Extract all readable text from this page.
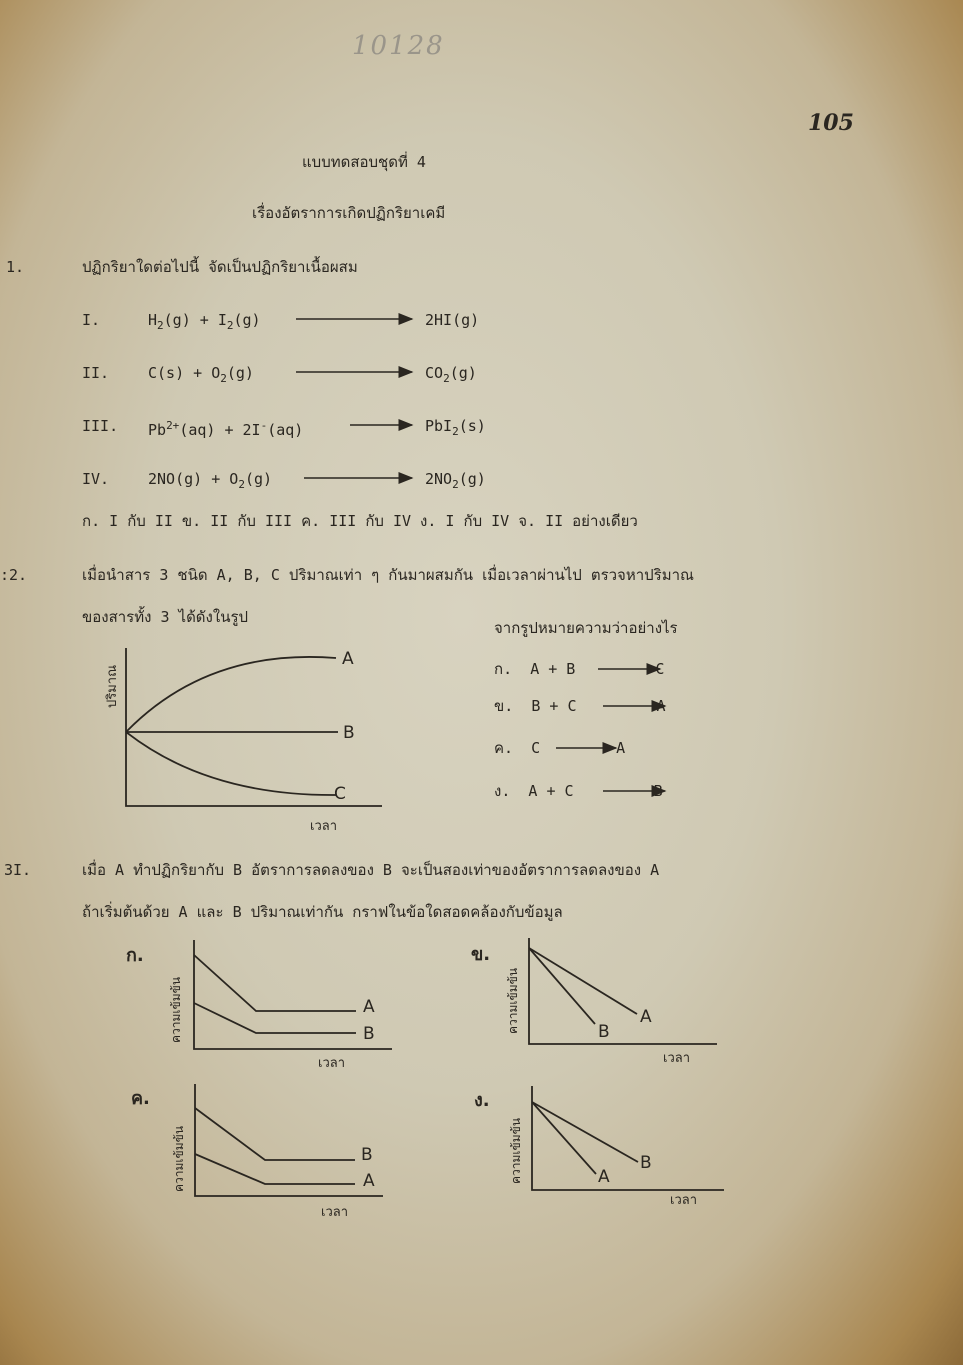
10128
105
แบบทดสอบชุดที่ 4
เรื่องอัตราการเกิดปฏิกริยาเคมี
1.	ปฏิกริยาใดต่อไปนี้ จัดเป็นปฏิกริยาเนื้อผสม
I.	$H_2(g) + I_2(g)$	2HI(g)
II.	$C(s) + O_2(g)$	$CO_2(g)$
III. $Pb^{2+}(aq) + 2I^-(aq)$	PbI$_2$(s)
IV.	$2NO(g) + O_2(g)$	$2NO_2(g)$
ก. I กับ II ข. II กับ III ค. III กับ IV ง. I กับ IV จ. II อย่างเดียว
:2.	เมื่อนำสาร 3 ชนิด A, B, C ปริมาณเท่า ๆ กันมาผสมกัน เมื่อเวลาผ่านไป ตรวจหาปริมาณ
ของสารทั้ง 3 ได้ดังในรูป
จากรูปหมายความว่าอย่างไร
A
B
C
เวลา
ปริมาณ	ก. A + B	C
ข. B + C	A
ค. C	A
ง. A + C	B
3I.	เมื่อ A ทำปฏิกริยากับ B อัตราการลดลงของ B จะเป็นสองเท่าของอัตราการลดลงของ A
ถ้าเริ่มต้นด้วย A และ B ปริมาณเท่ากัน กราฟในข้อใดสอดคล้องกับข้อมูล
ก.
A
B
เวลา
ความเข้มข้น
ข.
A
B
เวลา
ความเข้มข้น
ค.
B
A
เวลา
ความเข้มข้น
ง.
B
A
เวลา
ความเข้มข้น
